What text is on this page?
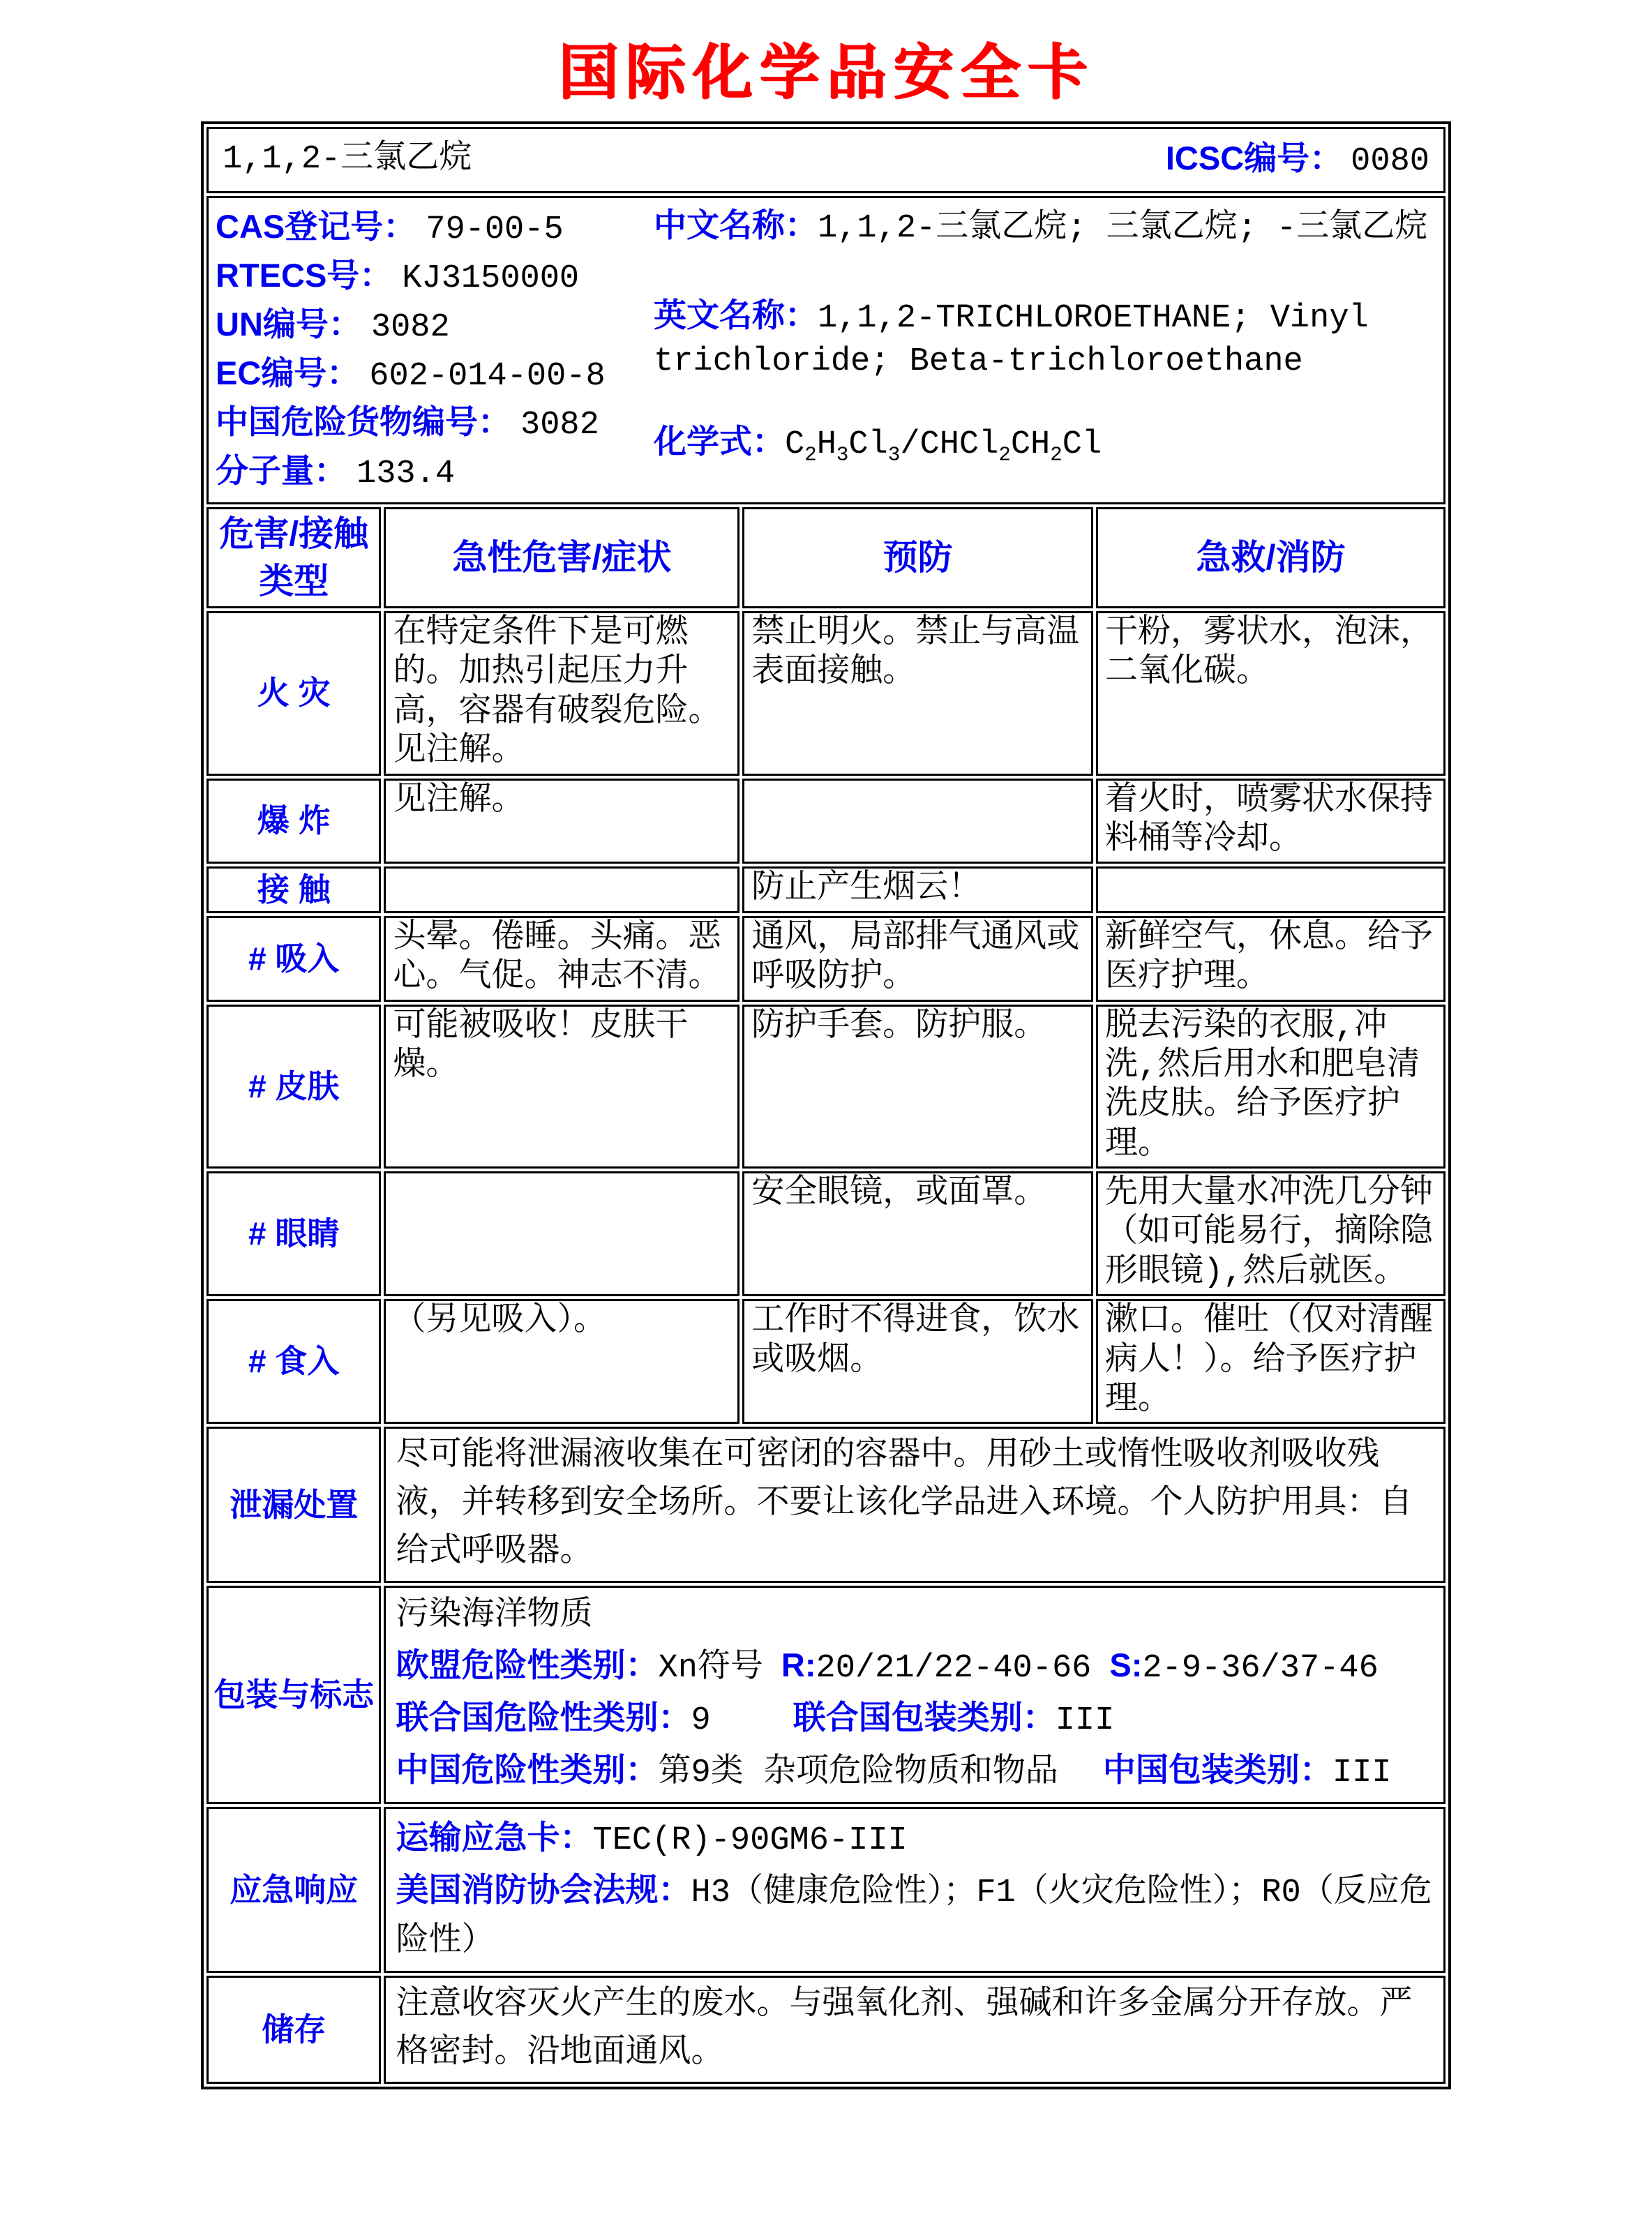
国际化学品安全卡
1,1,2-三氯乙烷 ICSC编号： 0080			

CAS登记号： 79-00-5
RTECS号： KJ3150000
UN编号： 3082
EC编号： 602-014-00-8
中国危险货物编号： 3082
分子量： 133.4
中文名称：1,1,2-三氯乙烷; 三氯乙烷; -三氯乙烷
英文名称：1,1,2-TRICHLOROETHANE; Vinyl trichloride; Beta-trichloroethane
化学式：$C_2H_3Cl_3/CHCl_2CH_2Cl$

危害/接触类型	急性危害/症状	预防	急救/消防
火 灾	在特定条件下是可燃的。加热引起压力升高，容器有破裂危险。见注解。	禁止明火。禁止与高温表面接触。	干粉，雾状水，泡沫，二氧化碳。
爆 炸	见注解。		着火时，喷雾状水保持料桶等冷却。
接 触		防止产生烟云！	
# 吸入	头晕。倦睡。头痛。恶心。气促。神志不清。	通风，局部排气通风或呼吸防护。	新鲜空气，休息。给予医疗护理。
# 皮肤	可能被吸收！皮肤干燥。	防护手套。防护服。	脱去污染的衣服,冲洗,然后用水和肥皂清洗皮肤。给予医疗护理。
# 眼睛		安全眼镜，或面罩。	先用大量水冲洗几分钟（如可能易行，摘除隐形眼镜),然后就医。
# 食入	（另见吸入）。	工作时不得进食，饮水或吸烟。	漱口。催吐（仅对清醒病人！）。给予医疗护理。
泄漏处置	尽可能将泄漏液收集在可密闭的容器中。用砂土或惰性吸收剂吸收残液，并转移到安全场所。不要让该化学品进入环境。个人防护用具：自给式呼吸器。		
包装与标志	污染海洋物质
欧盟危险性类别：Xn符号 R:20/21/22-40-66 S:2-9-36/37-46
联合国危险性类别：9 联合国包装类别：III
中国危险性类别：第9类 杂项危险物质和物品 中国包装类别：III		

应急响应	运输应急卡：TEC(R)-90GM6-III
美国消防协会法规：H3（健康危险性）；F1（火灾危险性）；R0（反应危险性）		

储存	注意收容灭火产生的废水。与强氧化剂、强碱和许多金属分开存放。严格密封。沿地面通风。		
